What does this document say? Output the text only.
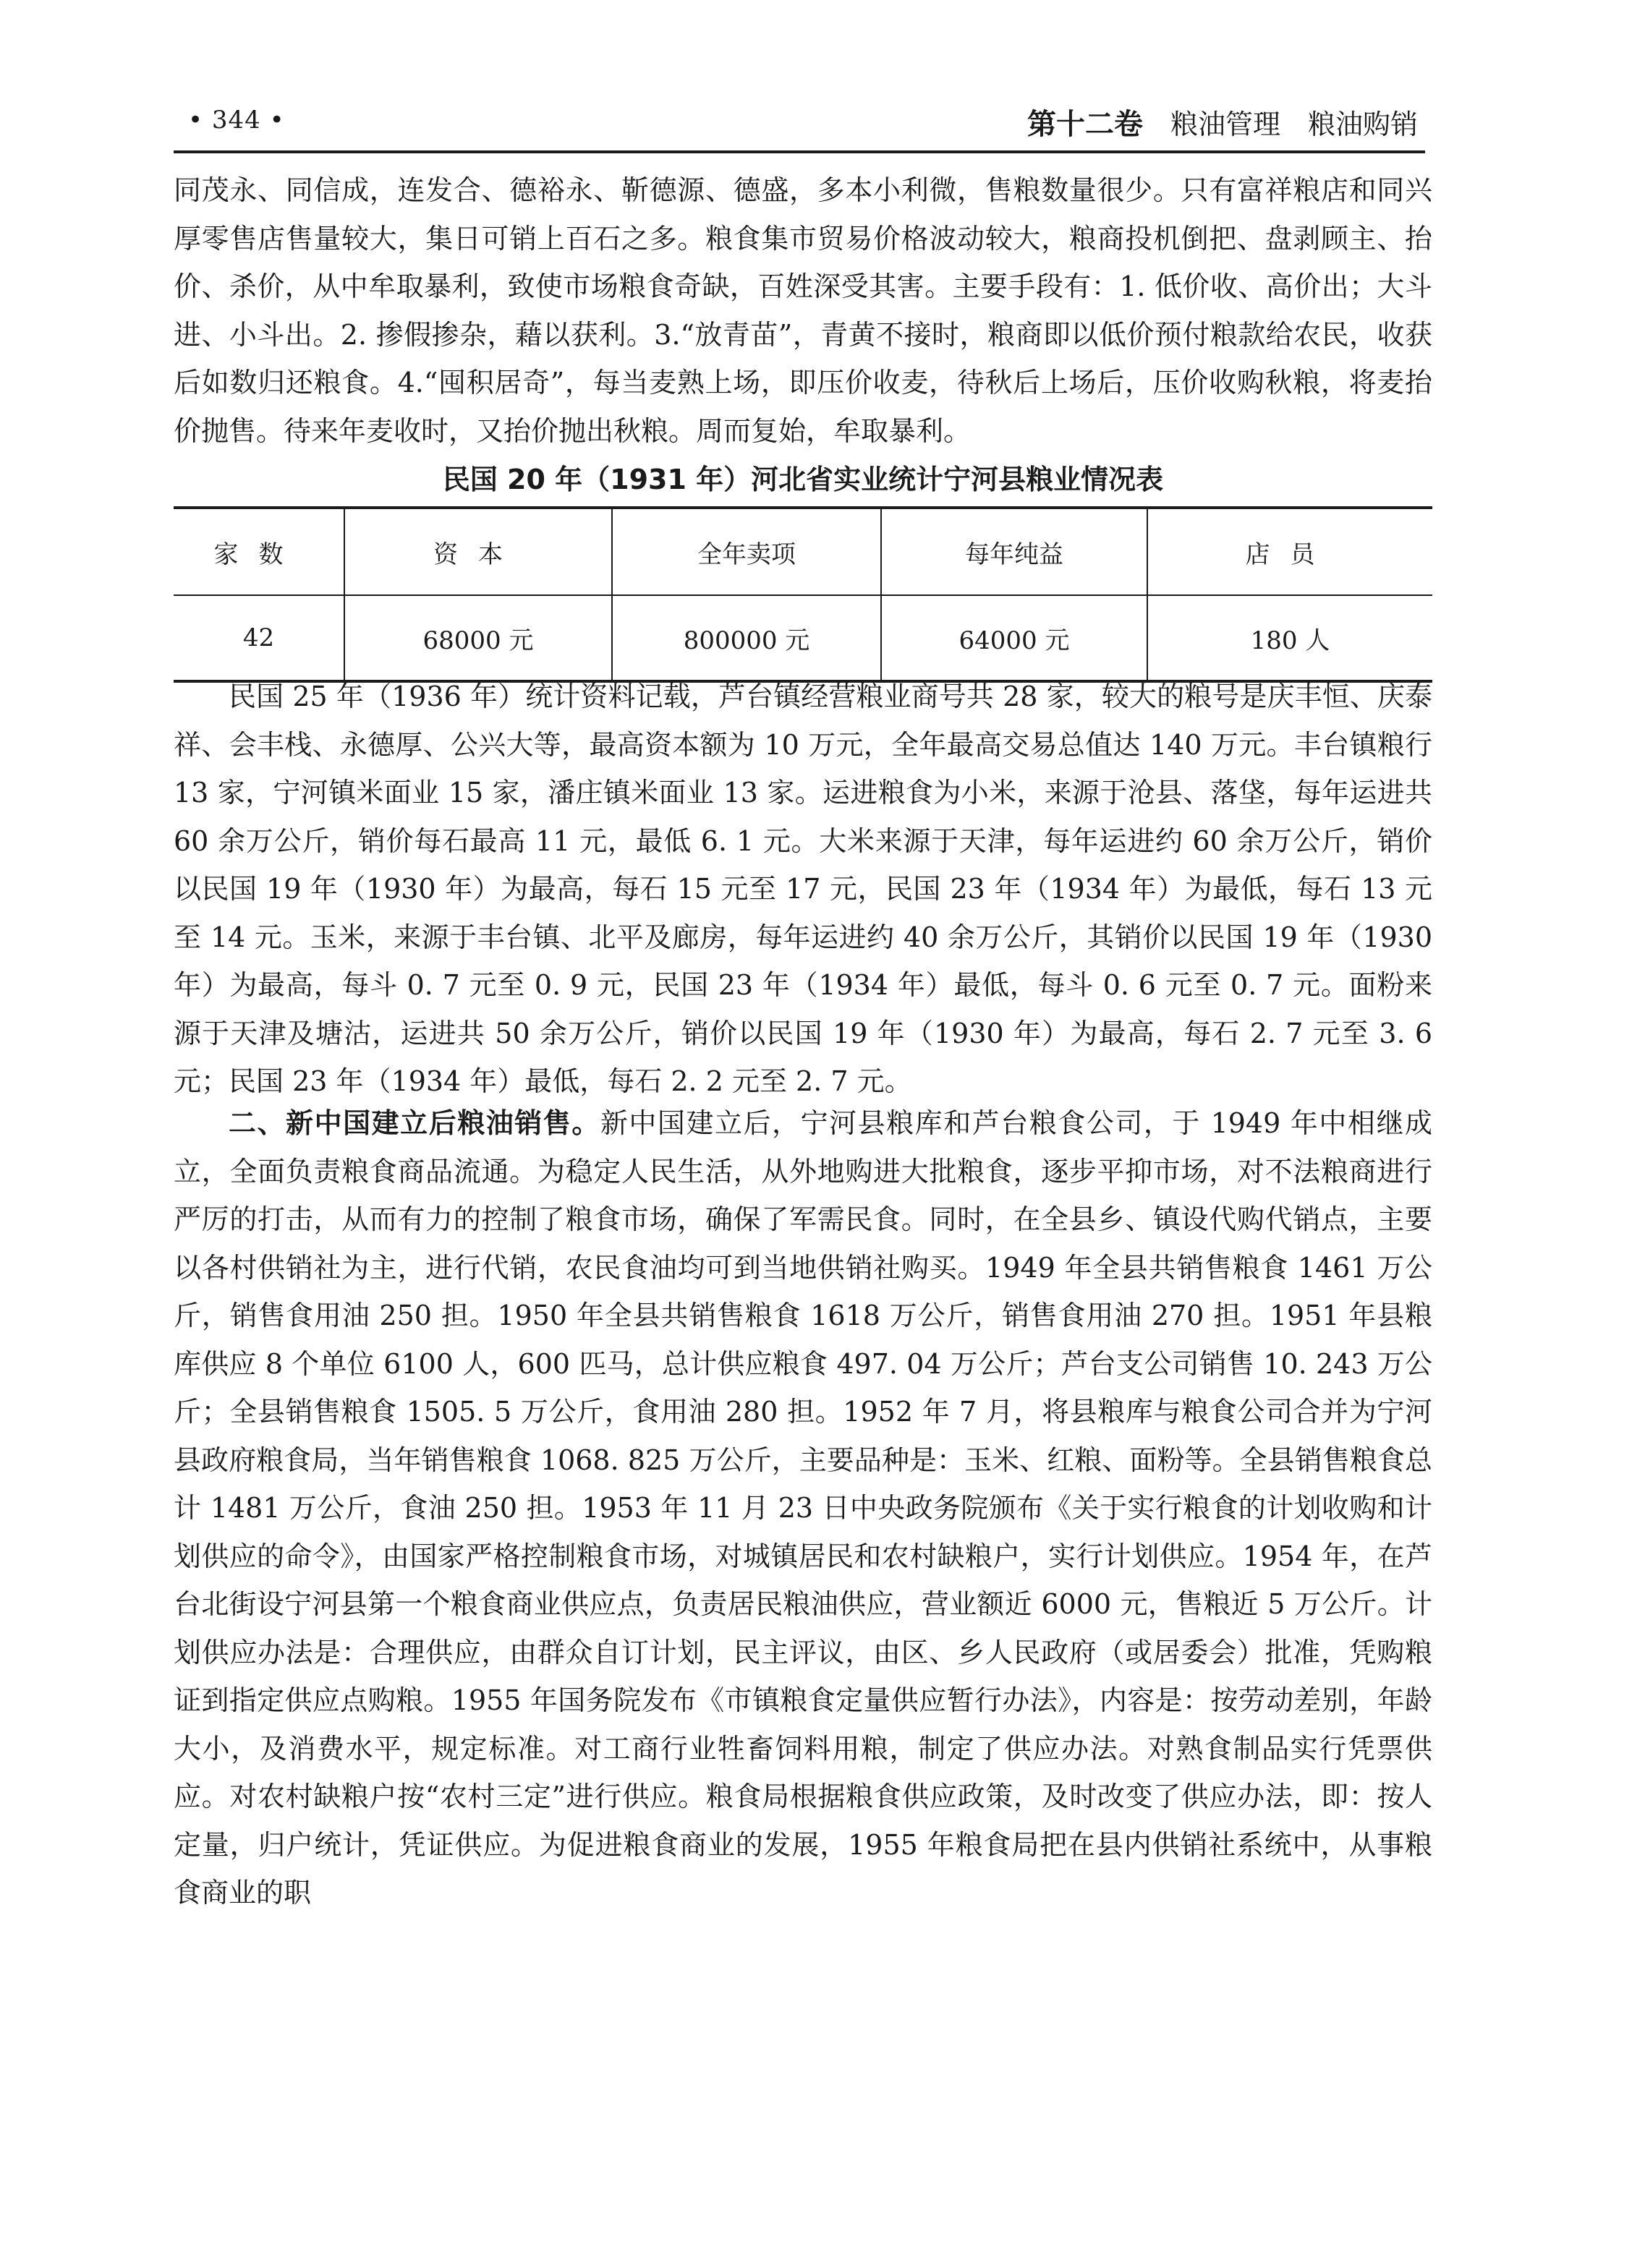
• 344 •	第十二卷 粮油管理 粮油购销

同茂永、同信成，连发合、德裕永、靳德源、德盛，多本小利微，售粮数量很少。只有富祥粮店和同兴厚零售店售量较大，集日可销上百石之多。粮食集市贸易价格波动较大，粮商投机倒把、盘剥顾主、抬价、杀价，从中牟取暴利，致使市场粮食奇缺，百姓深受其害。主要手段有：1. 低价收、高价出；大斗进、小斗出。2. 掺假掺杂，藉以获利。3.“放青苗”，青黄不接时，粮商即以低价预付粮款给农民，收获后如数归还粮食。4.“囤积居奇”，每当麦熟上场，即压价收麦，待秋后上场后，压价收购秋粮，将麦抬价抛售。待来年麦收时，又抬价抛出秋粮。周而复始，牟取暴利。

民国 20 年（1931 年）河北省实业统计宁河县粮业情况表
家数	资本	全年卖项	每年纯益	店员
42	68000 元	800000 元	64000 元	180 人

民国 25 年（1936 年）统计资料记载，芦台镇经营粮业商号共 28 家，较大的粮号是庆丰恒、庆泰祥、会丰栈、永德厚、公兴大等，最高资本额为 10 万元，全年最高交易总值达 140 万元。丰台镇粮行 13 家，宁河镇米面业 15 家，潘庄镇米面业 13 家。运进粮食为小米，来源于沧县、落垡，每年运进共 60 余万公斤，销价每石最高 11 元，最低 6. 1 元。大米来源于天津，每年运进约 60 余万公斤，销价以民国 19 年（1930 年）为最高，每石 15 元至 17 元，民国 23 年（1934 年）为最低，每石 13 元至 14 元。玉米，来源于丰台镇、北平及廊房，每年运进约 40 余万公斤，其销价以民国 19 年（1930 年）为最高，每斗 0. 7 元至 0. 9 元，民国 23 年（1934 年）最低，每斗 0. 6 元至 0. 7 元。面粉来源于天津及塘沽，运进共 50 余万公斤，销价以民国 19 年（1930 年）为最高，每石 2. 7 元至 3. 6 元；民国 23 年（1934 年）最低，每石 2. 2 元至 2. 7 元。

二、新中国建立后粮油销售。新中国建立后，宁河县粮库和芦台粮食公司，于 1949 年中相继成立，全面负责粮食商品流通。为稳定人民生活，从外地购进大批粮食，逐步平抑市场，对不法粮商进行严厉的打击，从而有力的控制了粮食市场，确保了军需民食。同时，在全县乡、镇设代购代销点，主要以各村供销社为主，进行代销，农民食油均可到当地供销社购买。1949 年全县共销售粮食 1461 万公斤，销售食用油 250 担。1950 年全县共销售粮食 1618 万公斤，销售食用油 270 担。1951 年县粮库供应 8 个单位 6100 人，600 匹马，总计供应粮食 497. 04 万公斤；芦台支公司销售 10. 243 万公斤；全县销售粮食 1505. 5 万公斤，食用油 280 担。1952 年 7 月，将县粮库与粮食公司合并为宁河县政府粮食局，当年销售粮食 1068. 825 万公斤，主要品种是：玉米、红粮、面粉等。全县销售粮食总计 1481 万公斤，食油 250 担。1953 年 11 月 23 日中央政务院颁布《关于实行粮食的计划收购和计划供应的命令》，由国家严格控制粮食市场，对城镇居民和农村缺粮户，实行计划供应。1954 年，在芦台北街设宁河县第一个粮食商业供应点，负责居民粮油供应，营业额近 6000 元，售粮近 5 万公斤。计划供应办法是：合理供应，由群众自订计划，民主评议，由区、乡人民政府（或居委会）批准，凭购粮证到指定供应点购粮。1955 年国务院发布《市镇粮食定量供应暂行办法》，内容是：按劳动差别，年龄大小，及消费水平，规定标准。对工商行业牲畜饲料用粮，制定了供应办法。对熟食制品实行凭票供应。对农村缺粮户按“农村三定”进行供应。粮食局根据粮食供应政策，及时改变了供应办法，即：按人定量，归户统计，凭证供应。为促进粮食商业的发展，1955 年粮食局把在县内供销社系统中，从事粮食商业的职
